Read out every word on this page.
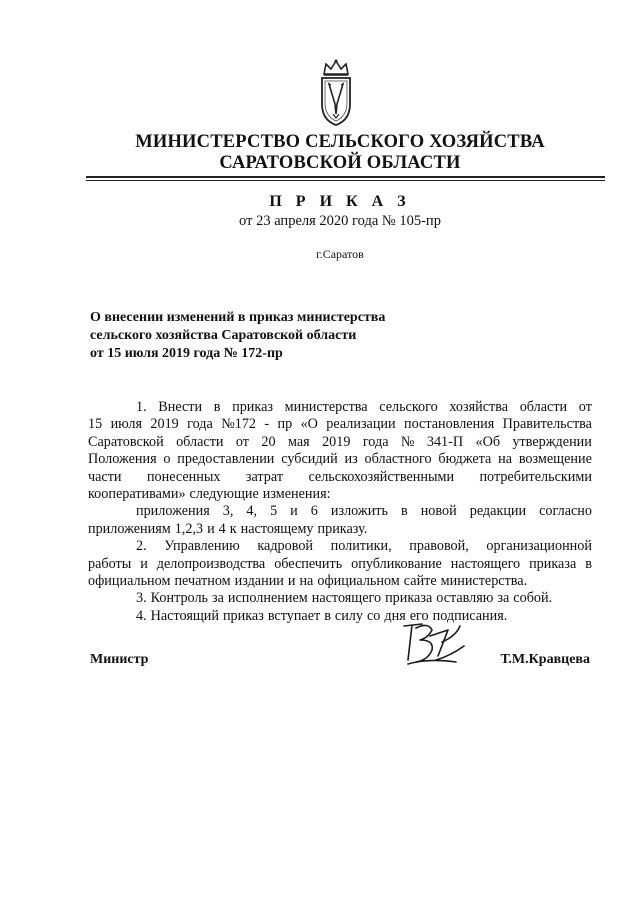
МИНИСТЕРСТВО СЕЛЬСКОГО ХОЗЯЙСТВА
САРАТОВСКОЙ ОБЛАСТИ
П Р И К А З
от 23 апреля 2020 года № 105-пр
г.Саратов
О внесении изменений в приказ министерства
сельского хозяйства Саратовской области
от 15 июля 2019 года № 172-пр
1. Внести в приказ министерства сельского хозяйства области от
15 июля 2019 года №172 - пр «О реализации постановления Правительства
Саратовской области от 20 мая 2019 года № 341-П «Об утверждении
Положения о предоставлении субсидий из областного бюджета на возмещение
части понесенных затрат сельскохозяйственными потребительскими
кооперативами» следующие изменения:
приложения 3, 4, 5 и 6 изложить в новой редакции согласно
приложениям 1,2,3 и 4 к настоящему приказу.
2. Управлению кадровой политики, правовой, организационной
работы и делопроизводства обеспечить опубликование настоящего приказа в
официальном печатном издании и на официальном сайте министерства.
3. Контроль за исполнением настоящего приказа оставляю за собой.
4. Настоящий приказ вступает в силу со дня его подписания.
Министр	Т.М.Кравцева
